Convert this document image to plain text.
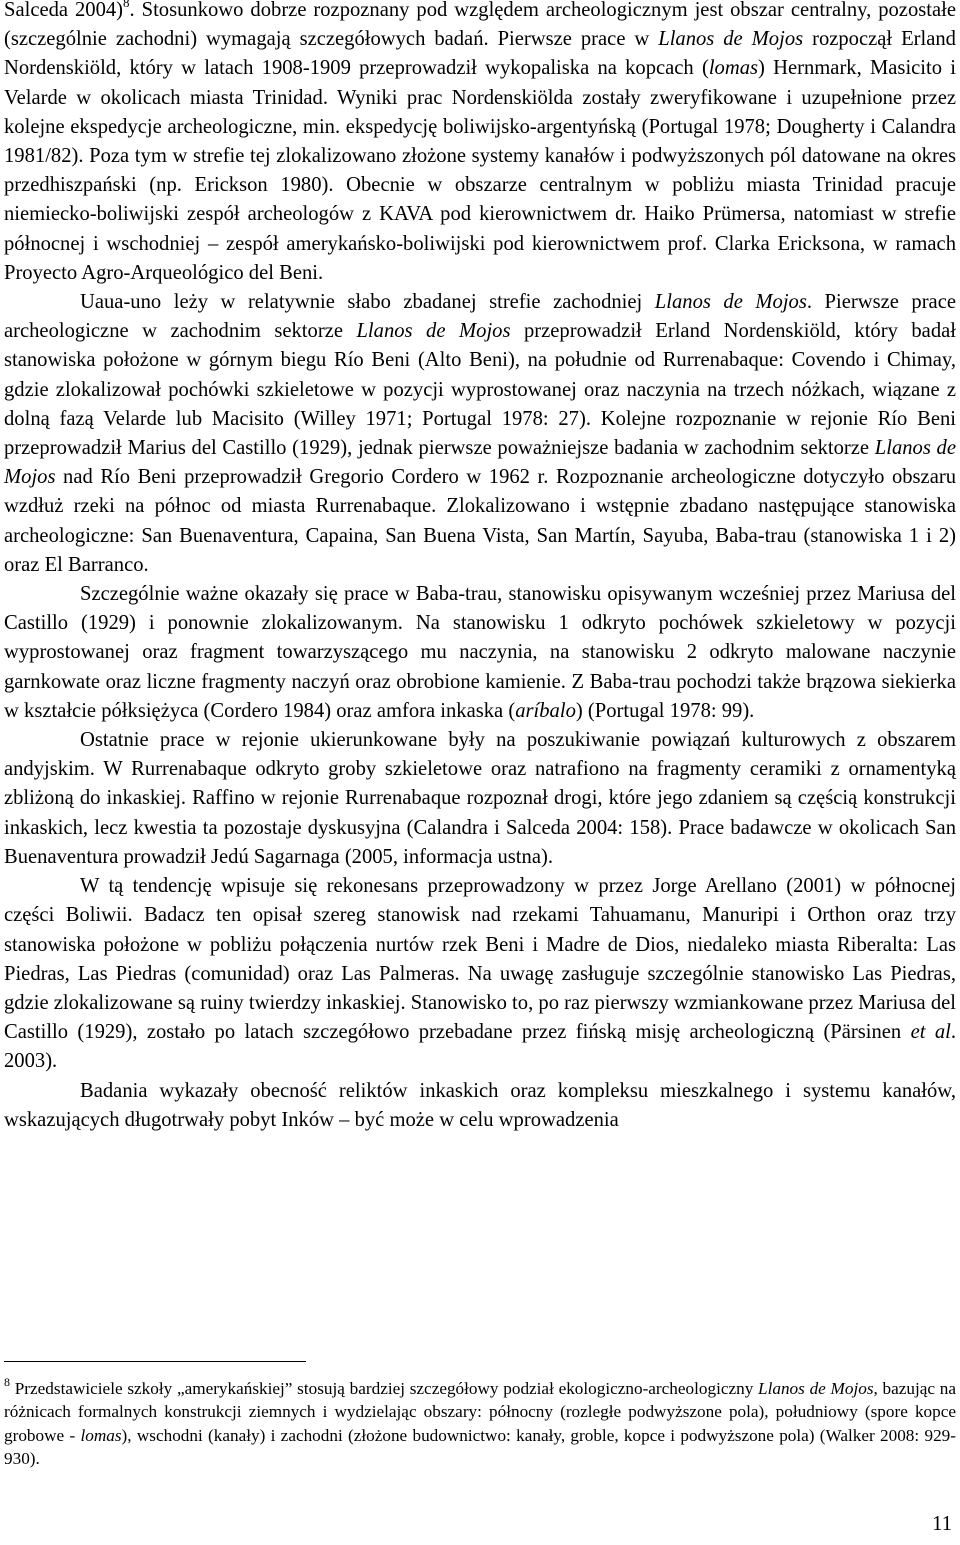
Salceda 2004)$^8$. Stosunkowo dobrze rozpoznany pod względem archeologicznym jest obszar centralny, pozostałe (szczególnie zachodni) wymagają szczegółowych badań. Pierwsze prace w Llanos de Mojos rozpoczął Erland Nordenskiöld, który w latach 1908-1909 przeprowadził wykopaliska na kopcach (lomas) Hernmark, Masicito i Velarde w okolicach miasta Trinidad. Wyniki prac Nordenskiölda zostały zweryfikowane i uzupełnione przez kolejne ekspedycje archeologiczne, min. ekspedycję boliwijsko-argentyńską (Portugal 1978; Dougherty i Calandra 1981/82). Poza tym w strefie tej zlokalizowano złożone systemy kanałów i podwyższonych pól datowane na okres przedhiszpański (np. Erickson 1980). Obecnie w obszarze centralnym w pobliżu miasta Trinidad pracuje niemiecko-boliwijski zespół archeologów z KAVA pod kierownictwem dr. Haiko Prümersa, natomiast w strefie północnej i wschodniej – zespół amerykańsko-boliwijski pod kierownictwem prof. Clarka Ericksona, w ramach Proyecto Agro-Arqueológico del Beni.

Uaua-uno leży w relatywnie słabo zbadanej strefie zachodniej Llanos de Mojos. Pierwsze prace archeologiczne w zachodnim sektorze Llanos de Mojos przeprowadził Erland Nordenskiöld, który badał stanowiska położone w górnym biegu Río Beni (Alto Beni), na południe od Rurrenabaque: Covendo i Chimay, gdzie zlokalizował pochówki szkieletowe w pozycji wyprostowanej oraz naczynia na trzech nóżkach, wiązane z dolną fazą Velarde lub Macisito (Willey 1971; Portugal 1978: 27). Kolejne rozpoznanie w rejonie Río Beni przeprowadził Marius del Castillo (1929), jednak pierwsze poważniejsze badania w zachodnim sektorze Llanos de Mojos nad Río Beni przeprowadził Gregorio Cordero w 1962 r. Rozpoznanie archeologiczne dotyczyło obszaru wzdłuż rzeki na północ od miasta Rurrenabaque. Zlokalizowano i wstępnie zbadano następujące stanowiska archeologiczne: San Buenaventura, Capaina, San Buena Vista, San Martín, Sayuba, Baba-trau (stanowiska 1 i 2) oraz El Barranco.

Szczególnie ważne okazały się prace w Baba-trau, stanowisku opisywanym wcześniej przez Mariusa del Castillo (1929) i ponownie zlokalizowanym. Na stanowisku 1 odkryto pochówek szkieletowy w pozycji wyprostowanej oraz fragment towarzyszącego mu naczynia, na stanowisku 2 odkryto malowane naczynie garnkowate oraz liczne fragmenty naczyń oraz obrobione kamienie. Z Baba-trau pochodzi także brązowa siekierka w kształcie półksiężyca (Cordero 1984) oraz amfora inkaska (aríbalo) (Portugal 1978: 99).

Ostatnie prace w rejonie ukierunkowane były na poszukiwanie powiązań kulturowych z obszarem andyjskim. W Rurrenabaque odkryto groby szkieletowe oraz natrafiono na fragmenty ceramiki z ornamentyką zbliżoną do inkaskiej. Raffino w rejonie Rurrenabaque rozpoznał drogi, które jego zdaniem są częścią konstrukcji inkaskich, lecz kwestia ta pozostaje dyskusyjna (Calandra i Salceda 2004: 158). Prace badawcze w okolicach San Buenaventura prowadził Jedú Sagarnaga (2005, informacja ustna).

W tą tendencję wpisuje się rekonesans przeprowadzony w przez Jorge Arellano (2001) w północnej części Boliwii. Badacz ten opisał szereg stanowisk nad rzekami Tahuamanu, Manuripi i Orthon oraz trzy stanowiska położone w pobliżu połączenia nurtów rzek Beni i Madre de Dios, niedaleko miasta Riberalta: Las Piedras, Las Piedras (comunidad) oraz Las Palmeras. Na uwagę zasługuje szczególnie stanowisko Las Piedras, gdzie zlokalizowane są ruiny twierdzy inkaskiej. Stanowisko to, po raz pierwszy wzmiankowane przez Mariusa del Castillo (1929), zostało po latach szczegółowo przebadane przez fińską misję archeologiczną (Pärsinen et al. 2003).

Badania wykazały obecność reliktów inkaskich oraz kompleksu mieszkalnego i systemu kanałów, wskazujących długotrwały pobyt Inków – być może w celu wprowadzenia

$^8$ Przedstawiciele szkoły „amerykańskiej” stosują bardziej szczegółowy podział ekologiczno-archeologiczny Llanos de Mojos, bazując na różnicach formalnych konstrukcji ziemnych i wydzielając obszary: północny (rozległe podwyższone pola), południowy (spore kopce grobowe - lomas), wschodni (kanały) i zachodni (złożone budownictwo: kanały, groble, kopce i podwyższone pola) (Walker 2008: 929-930).

11
